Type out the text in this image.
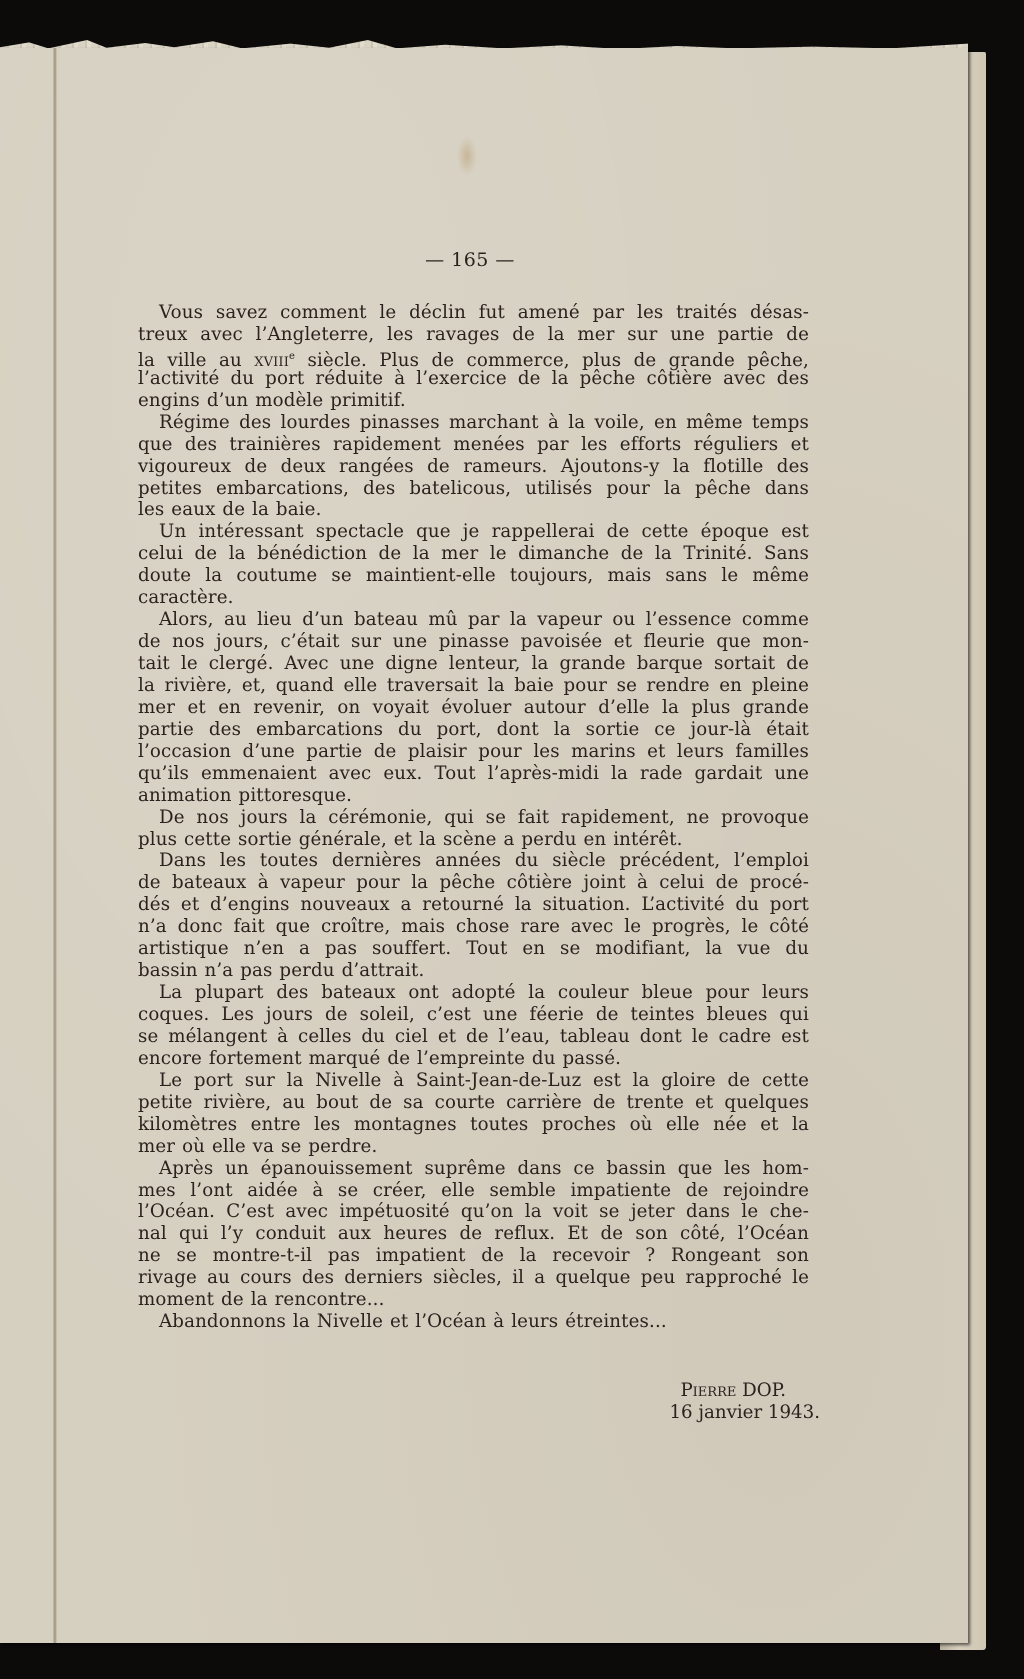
— 165 —
Vous savez comment le déclin fut amené par les traités désas-
treux avec l’Angleterre, les ravages de la mer sur une partie de
la ville au xviii$^e$ siècle. Plus de commerce, plus de grande pêche,
l’activité du port réduite à l’exercice de la pêche côtière avec des
engins d’un modèle primitif.
Régime des lourdes pinasses marchant à la voile, en même temps
que des trainières rapidement menées par les efforts réguliers et
vigoureux de deux rangées de rameurs. Ajoutons-y la flotille des
petites embarcations, des batelicous, utilisés pour la pêche dans
les eaux de la baie.
Un intéressant spectacle que je rappellerai de cette époque est
celui de la bénédiction de la mer le dimanche de la Trinité. Sans
doute la coutume se maintient-elle toujours, mais sans le même
caractère.
Alors, au lieu d’un bateau mû par la vapeur ou l’essence comme
de nos jours, c’était sur une pinasse pavoisée et fleurie que mon-
tait le clergé. Avec une digne lenteur, la grande barque sortait de
la rivière, et, quand elle traversait la baie pour se rendre en pleine
mer et en revenir, on voyait évoluer autour d’elle la plus grande
partie des embarcations du port, dont la sortie ce jour-là était
l’occasion d’une partie de plaisir pour les marins et leurs familles
qu’ils emmenaient avec eux. Tout l’après-midi la rade gardait une
animation pittoresque.
De nos jours la cérémonie, qui se fait rapidement, ne provoque
plus cette sortie générale, et la scène a perdu en intérêt.
Dans les toutes dernières années du siècle précédent, l’emploi
de bateaux à vapeur pour la pêche côtière joint à celui de procé-
dés et d’engins nouveaux a retourné la situation. L’activité du port
n’a donc fait que croître, mais chose rare avec le progrès, le côté
artistique n’en a pas souffert. Tout en se modifiant, la vue du
bassin n’a pas perdu d’attrait.
La plupart des bateaux ont adopté la couleur bleue pour leurs
coques. Les jours de soleil, c’est une féerie de teintes bleues qui
se mélangent à celles du ciel et de l’eau, tableau dont le cadre est
encore fortement marqué de l’empreinte du passé.
Le port sur la Nivelle à Saint-Jean-de-Luz est la gloire de cette
petite rivière, au bout de sa courte carrière de trente et quelques
kilomètres entre les montagnes toutes proches où elle née et la
mer où elle va se perdre.
Après un épanouissement suprême dans ce bassin que les hom-
mes l’ont aidée à se créer, elle semble impatiente de rejoindre
l’Océan. C’est avec impétuosité qu’on la voit se jeter dans le che-
nal qui l’y conduit aux heures de reflux. Et de son côté, l’Océan
ne se montre-t-il pas impatient de la recevoir ? Rongeant son
rivage au cours des derniers siècles, il a quelque peu rapproché le
moment de la rencontre...
Abandonnons la Nivelle et l’Océan à leurs étreintes...
Pierre DOP.
16 janvier 1943.
